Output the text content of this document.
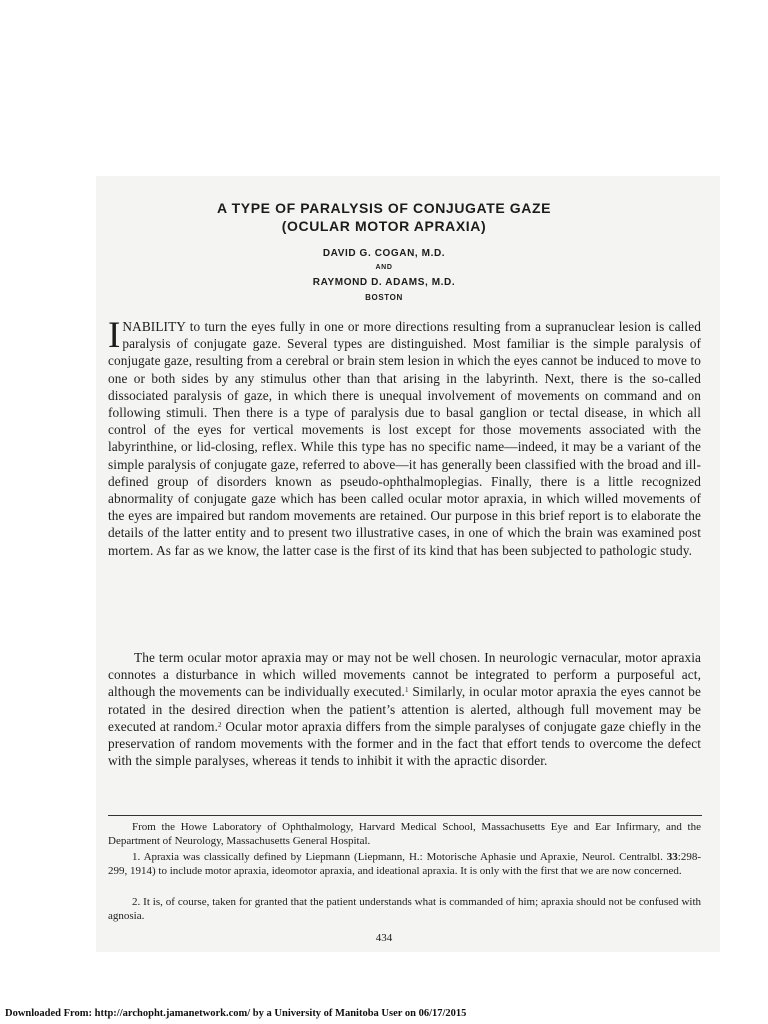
A TYPE OF PARALYSIS OF CONJUGATE GAZE
(OCULAR MOTOR APRAXIA)
DAVID G. COGAN, M.D.
AND
RAYMOND D. ADAMS, M.D.
BOSTON
INABILITY to turn the eyes fully in one or more directions resulting from a supranuclear lesion is called paralysis of conjugate gaze. Several types are distinguished. Most familiar is the simple paralysis of conjugate gaze, resulting from a cerebral or brain stem lesion in which the eyes cannot be induced to move to one or both sides by any stimulus other than that arising in the labyrinth. Next, there is the so-called dissociated paralysis of gaze, in which there is unequal involvement of movements on command and on following stimuli. Then there is a type of paralysis due to basal ganglion or tectal disease, in which all control of the eyes for vertical movements is lost except for those movements associated with the labyrinthine, or lid-closing, reflex. While this type has no specific name—indeed, it may be a variant of the simple paralysis of conjugate gaze, referred to above—it has generally been classified with the broad and ill-defined group of disorders known as pseudo-ophthalmoplegias. Finally, there is a little recognized abnormality of conjugate gaze which has been called ocular motor apraxia, in which willed movements of the eyes are impaired but random movements are retained. Our purpose in this brief report is to elaborate the details of the latter entity and to present two illustrative cases, in one of which the brain was examined post mortem. As far as we know, the latter case is the first of its kind that has been subjected to pathologic study.
The term ocular motor apraxia may or may not be well chosen. In neurologic vernacular, motor apraxia connotes a disturbance in which willed movements cannot be integrated to perform a purposeful act, although the movements can be individually executed.$^1$ Similarly, in ocular motor apraxia the eyes cannot be rotated in the desired direction when the patient’s attention is alerted, although full movement may be executed at random.$^2$ Ocular motor apraxia differs from the simple paralyses of conjugate gaze chiefly in the preservation of random movements with the former and in the fact that effort tends to overcome the defect with the simple paralyses, whereas it tends to inhibit it with the apractic disorder.
From the Howe Laboratory of Ophthalmology, Harvard Medical School, Massachusetts Eye and Ear Infirmary, and the Department of Neurology, Massachusetts General Hospital.
1. Apraxia was classically defined by Liepmann (Liepmann, H.: Motorische Aphasie und Apraxie, Neurol. Centralbl. 33:298-299, 1914) to include motor apraxia, ideomotor apraxia, and ideational apraxia. It is only with the first that we are now concerned.
2. It is, of course, taken for granted that the patient understands what is commanded of him; apraxia should not be confused with agnosia.
434
Downloaded From: http://archopht.jamanetwork.com/ by a University of Manitoba User on 06/17/2015
